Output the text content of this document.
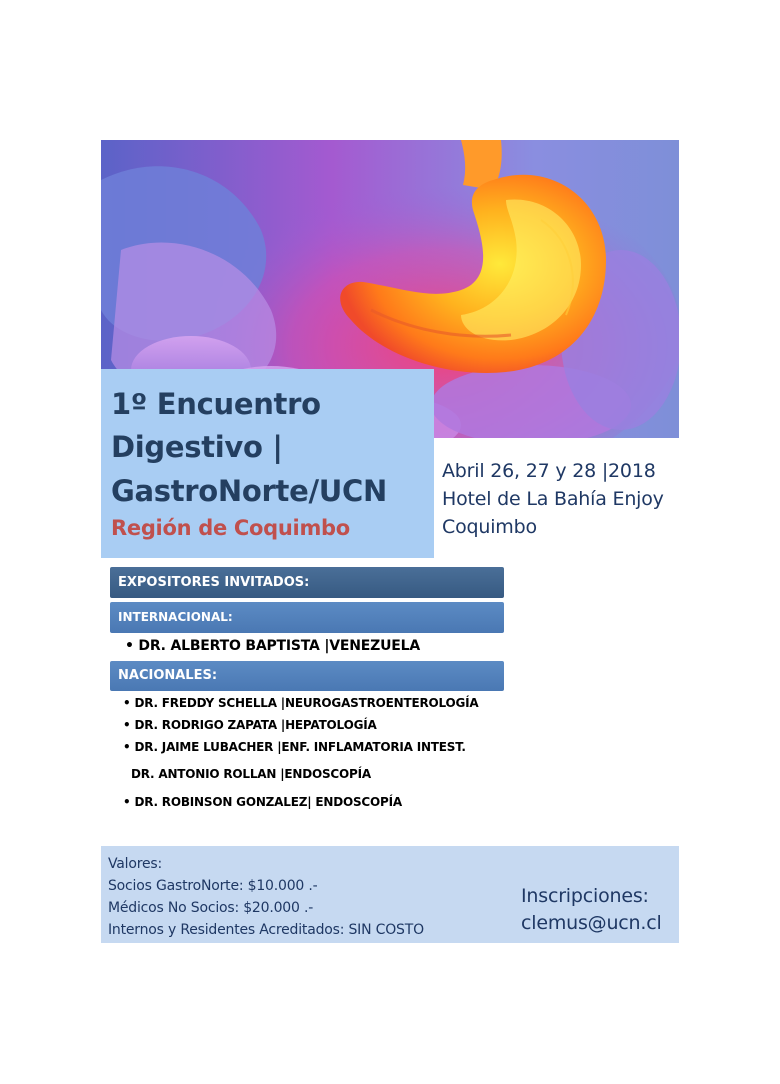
1º Encuentro
Digestivo |
GastroNorte/UCN
Región de Coquimbo
Abril 26, 27 y 28 |2018
Hotel de La Bahía Enjoy
Coquimbo
EXPOSITORES INVITADOS:
INTERNACIONAL:
• DR. ALBERTO BAPTISTA |VENEZUELA
NACIONALES:
• DR. FREDDY SCHELLA |NEUROGASTROENTEROLOGÍA
• DR. RODRIGO ZAPATA |HEPATOLOGÍA
• DR. JAIME LUBACHER |ENF. INFLAMATORIA INTEST.
DR. ANTONIO ROLLAN |ENDOSCOPÍA
• DR. ROBINSON GONZALEZ| ENDOSCOPÍA
Valores:
Socios GastroNorte: $10.000 .-
Médicos No Socios: $20.000 .-
Internos y Residentes Acreditados: SIN COSTO
Inscripciones:
clemus@ucn.cl
